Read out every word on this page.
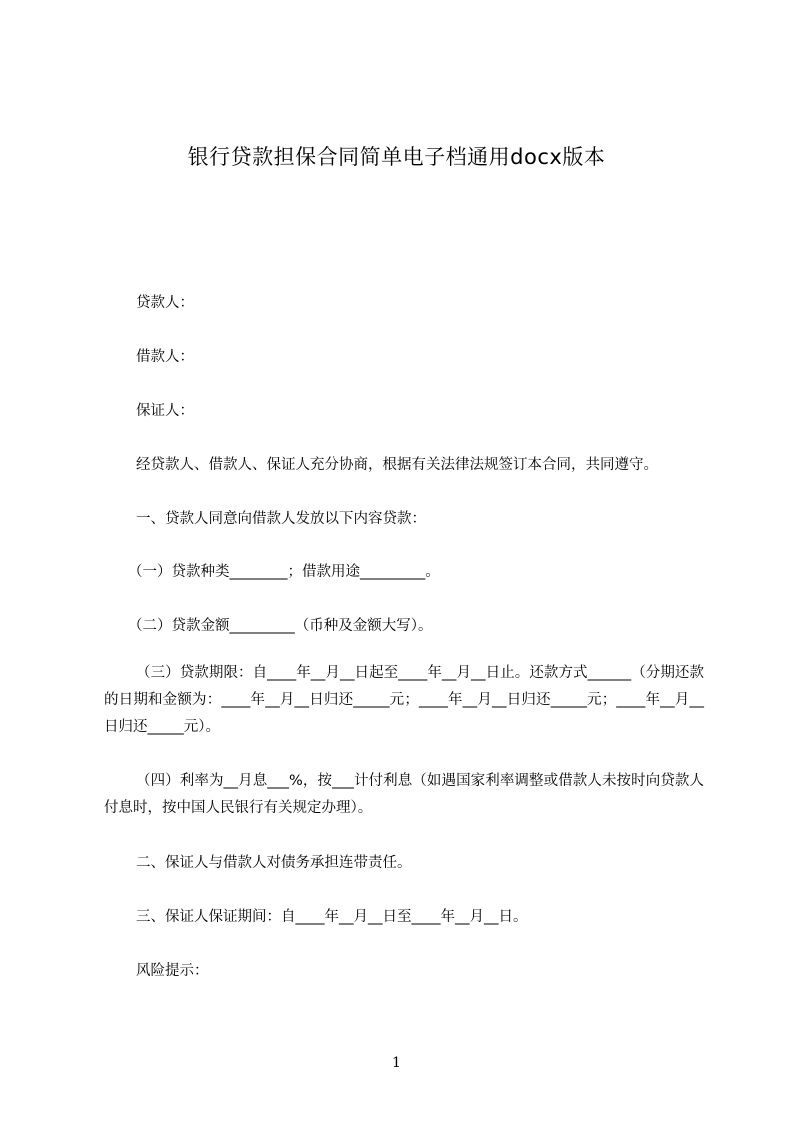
银行贷款担保合同简单电子档通用docx版本

贷款人：

借款人：

保证人：

经贷款人、借款人、保证人充分协商，根据有关法律法规签订本合同，共同遵守。

一、贷款人同意向借款人发放以下内容贷款：

（一）贷款种类________；借款用途_________。

（二）贷款金额_________（币种及金额大写）。

（三）贷款期限：自____年__月__日起至____年__月__日止。还款方式______（分期还款的日期和金额为：____年__月__日归还_____元；____年__月__日归还_____元；____年__月__日归还_____元）。

（四）利率为__月息___%，按___计付利息（如遇国家利率调整或借款人未按时向贷款人付息时，按中国人民银行有关规定办理）。

二、保证人与借款人对债务承担连带责任。

三、保证人保证期间：自____年__月__日至____年__月__日。

风险提示：

1
